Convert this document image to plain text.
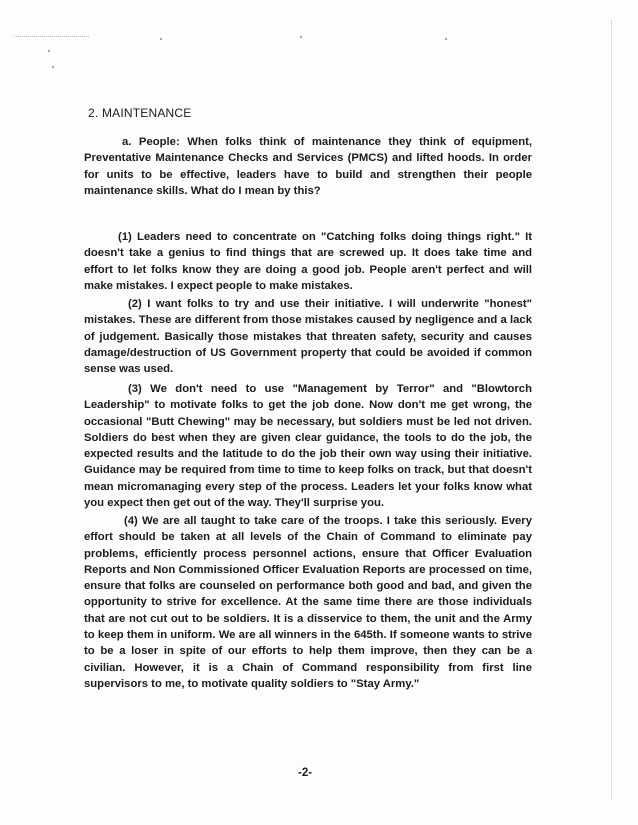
2. MAINTENANCE

a. People: When folks think of maintenance they think of equipment, Preventative Maintenance Checks and Services (PMCS) and lifted hoods. In order for units to be effective, leaders have to build and strengthen their people maintenance skills. What do I mean by this?

(1) Leaders need to concentrate on "Catching folks doing things right." It doesn't take a genius to find things that are screwed up. It does take time and effort to let folks know they are doing a good job. People aren't perfect and will make mistakes. I expect people to make mistakes.

(2) I want folks to try and use their initiative. I will underwrite "honest" mistakes. These are different from those mistakes caused by negligence and a lack of judgement. Basically those mistakes that threaten safety, security and causes damage/destruction of US Government property that could be avoided if common sense was used.

(3) We don't need to use "Management by Terror" and "Blowtorch Leadership" to motivate folks to get the job done. Now don't me get wrong, the occasional "Butt Chewing" may be necessary, but soldiers must be led not driven. Soldiers do best when they are given clear guidance, the tools to do the job, the expected results and the latitude to do the job their own way using their initiative. Guidance may be required from time to time to keep folks on track, but that doesn't mean micromanaging every step of the process. Leaders let your folks know what you expect then get out of the way. They'll surprise you.

(4) We are all taught to take care of the troops. I take this seriously. Every effort should be taken at all levels of the Chain of Command to eliminate pay problems, efficiently process personnel actions, ensure that Officer Evaluation Reports and Non Commissioned Officer Evaluation Reports are processed on time, ensure that folks are counseled on performance both good and bad, and given the opportunity to strive for excellence. At the same time there are those individuals that are not cut out to be soldiers. It is a disservice to them, the unit and the Army to keep them in uniform. We are all winners in the 645th. If someone wants to strive to be a loser in spite of our efforts to help them improve, then they can be a civilian. However, it is a Chain of Command responsibility from first line supervisors to me, to motivate quality soldiers to "Stay Army."

-2-
